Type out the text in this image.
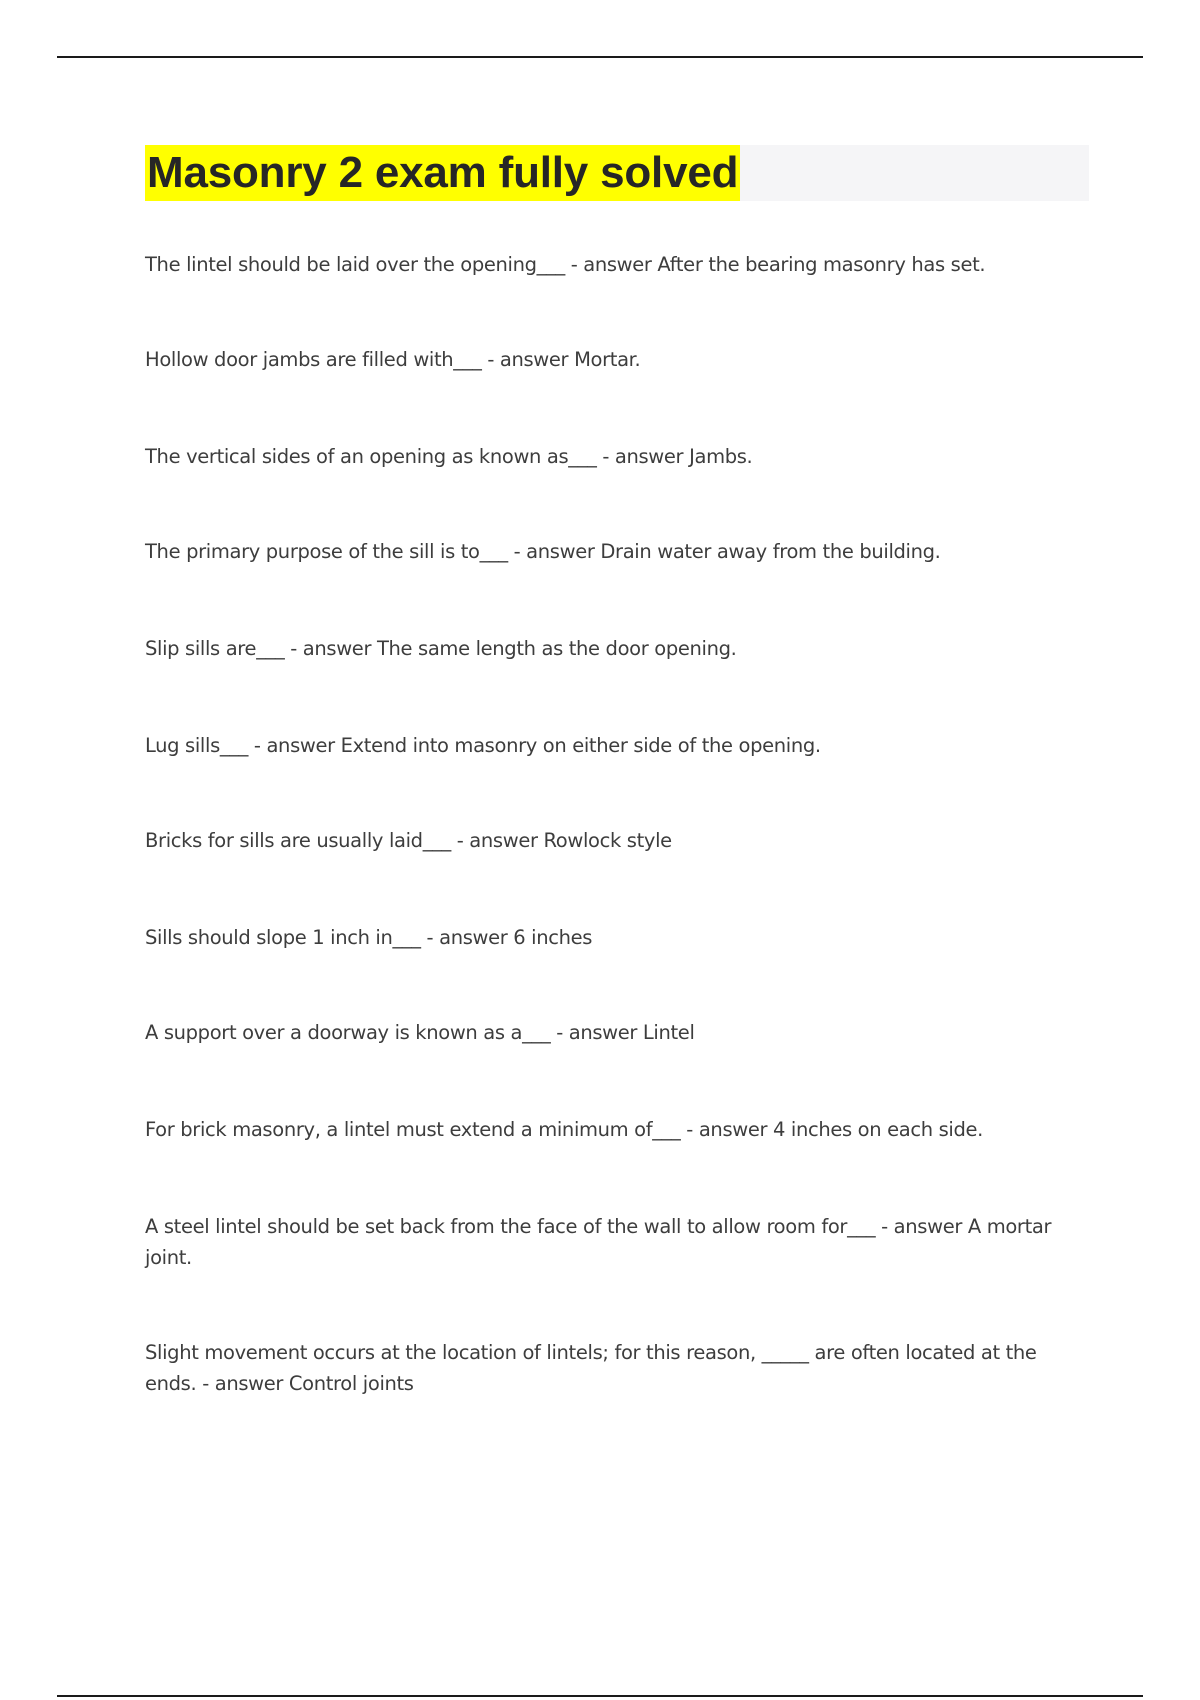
Masonry 2 exam fully solved
The lintel should be laid over the opening___ - answer After the bearing masonry has set.
Hollow door jambs are filled with___ - answer Mortar.
The vertical sides of an opening as known as___ - answer Jambs.
The primary purpose of the sill is to___ - answer Drain water away from the building.
Slip sills are___ - answer The same length as the door opening.
Lug sills___ - answer Extend into masonry on either side of the opening.
Bricks for sills are usually laid___ - answer Rowlock style
Sills should slope 1 inch in___ - answer 6 inches
A support over a doorway is known as a___ - answer Lintel
For brick masonry, a lintel must extend a minimum of___ - answer 4 inches on each side.
A steel lintel should be set back from the face of the wall to allow room for___ - answer A mortar joint.
Slight movement occurs at the location of lintels; for this reason, _____ are often located at the ends. - answer Control joints
